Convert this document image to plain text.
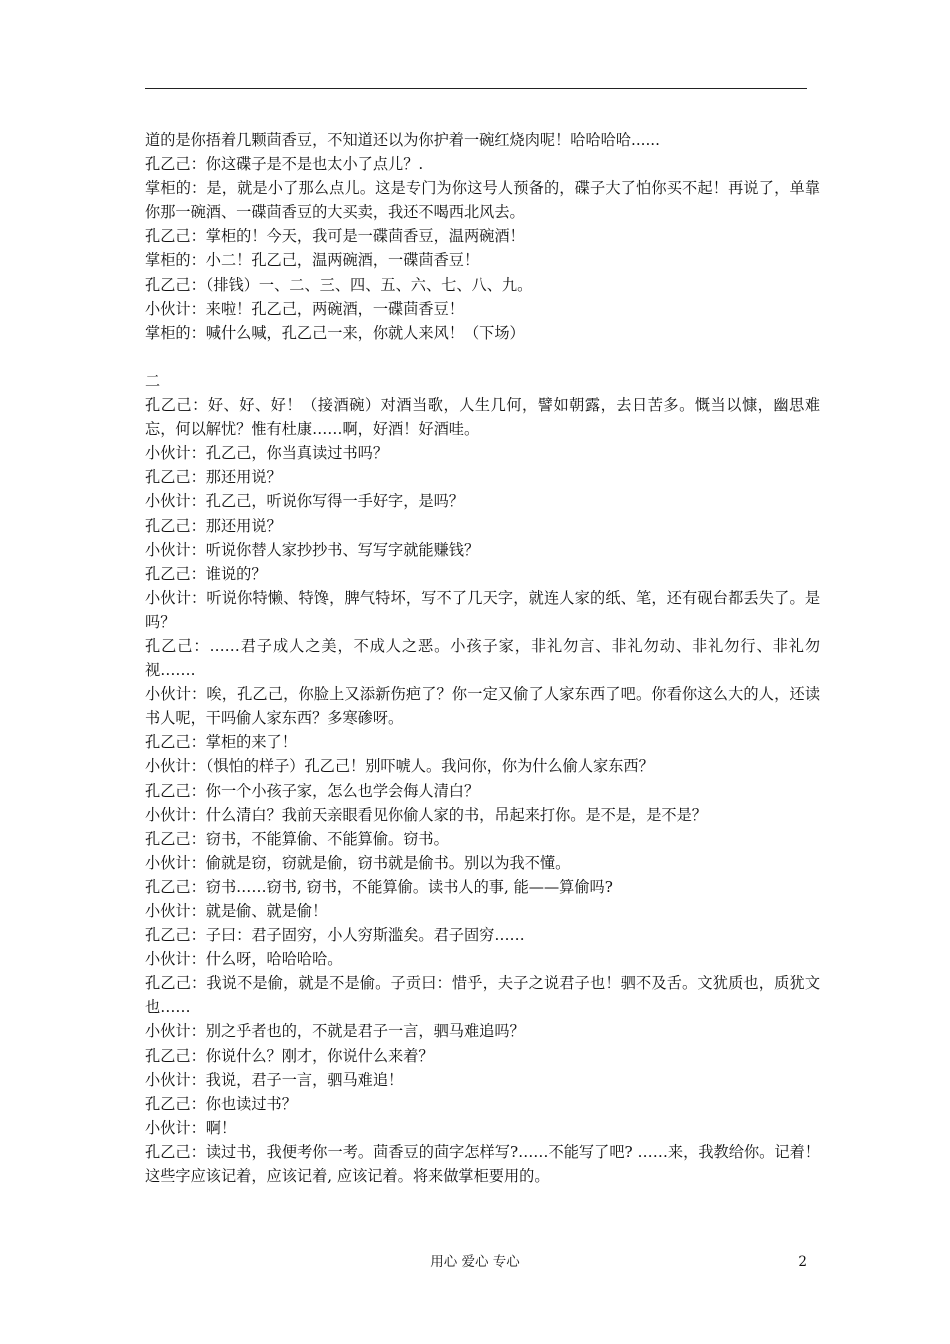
道的是你捂着几颗茴香豆，不知道还以为你护着一碗红烧肉呢！哈哈哈哈......

孔乙己：你这碟子是不是也太小了点儿？.

掌柜的：是，就是小了那么点儿。这是专门为你这号人预备的，碟子大了怕你买不起！再说了，单靠你那一碗酒、一碟茴香豆的大买卖，我还不喝西北风去。

孔乙己：掌柜的！今天，我可是一碟茴香豆，温两碗酒！

掌柜的：小二！孔乙己，温两碗酒，一碟茴香豆！

孔乙己：（排钱）一、二、三、四、五、六、七、八、九。

小伙计：来啦！孔乙己，两碗酒，一碟茴香豆！

掌柜的：喊什么喊，孔乙己一来，你就人来风！（下场）

二

孔乙己：好、好、好！（接酒碗）对酒当歌，人生几何，譬如朝露，去日苦多。慨当以慷，幽思难忘，何以解忧？惟有杜康……啊，好酒！好酒哇。

小伙计：孔乙己，你当真读过书吗？

孔乙己：那还用说？

小伙计：孔乙己，听说你写得一手好字，是吗？

孔乙己：那还用说？

小伙计：听说你替人家抄抄书、写写字就能赚钱？

孔乙己：谁说的？

小伙计：听说你特懒、特馋，脾气特坏，写不了几天字，就连人家的纸、笔，还有砚台都丢失了。是吗？

孔乙己：……君子成人之美，不成人之恶。小孩子家，非礼勿言、非礼勿动、非礼勿行、非礼勿视…….

小伙计：唉，孔乙己，你脸上又添新伤疤了？你一定又偷了人家东西了吧。你看你这么大的人，还读书人呢，干吗偷人家东西？多寒碜呀。

孔乙己：掌柜的来了！

小伙计：（惧怕的样子）孔乙己！别吓唬人。我问你，你为什么偷人家东西？

孔乙己：你一个小孩子家，怎么也学会侮人清白？

小伙计：什么清白？我前天亲眼看见你偷人家的书，吊起来打你。是不是，是不是？

孔乙己：窃书，不能算偷、不能算偷。窃书。

小伙计：偷就是窃，窃就是偷，窃书就是偷书。别以为我不懂。

孔乙己：窃书……窃书, 窃书，不能算偷。读书人的事, 能——算偷吗?

小伙计：就是偷、就是偷！

孔乙己：子曰：君子固穷，小人穷斯滥矣。君子固穷……

小伙计：什么呀，哈哈哈哈。

孔乙己：我说不是偷，就是不是偷。子贡曰：惜乎，夫子之说君子也！驷不及舌。文犹质也，质犹文也……

小伙计：别之乎者也的，不就是君子一言，驷马难追吗？

孔乙己：你说什么？刚才，你说什么来着？

小伙计：我说，君子一言，驷马难追！

孔乙己：你也读过书？

小伙计：啊！

孔乙己：读过书，我便考你一考。茴香豆的茴字怎样写?……不能写了吧? ……来，我教给你。记着！这些字应该记着，应该记着, 应该记着。将来做掌柜要用的。

用心 爱心 专心	2
